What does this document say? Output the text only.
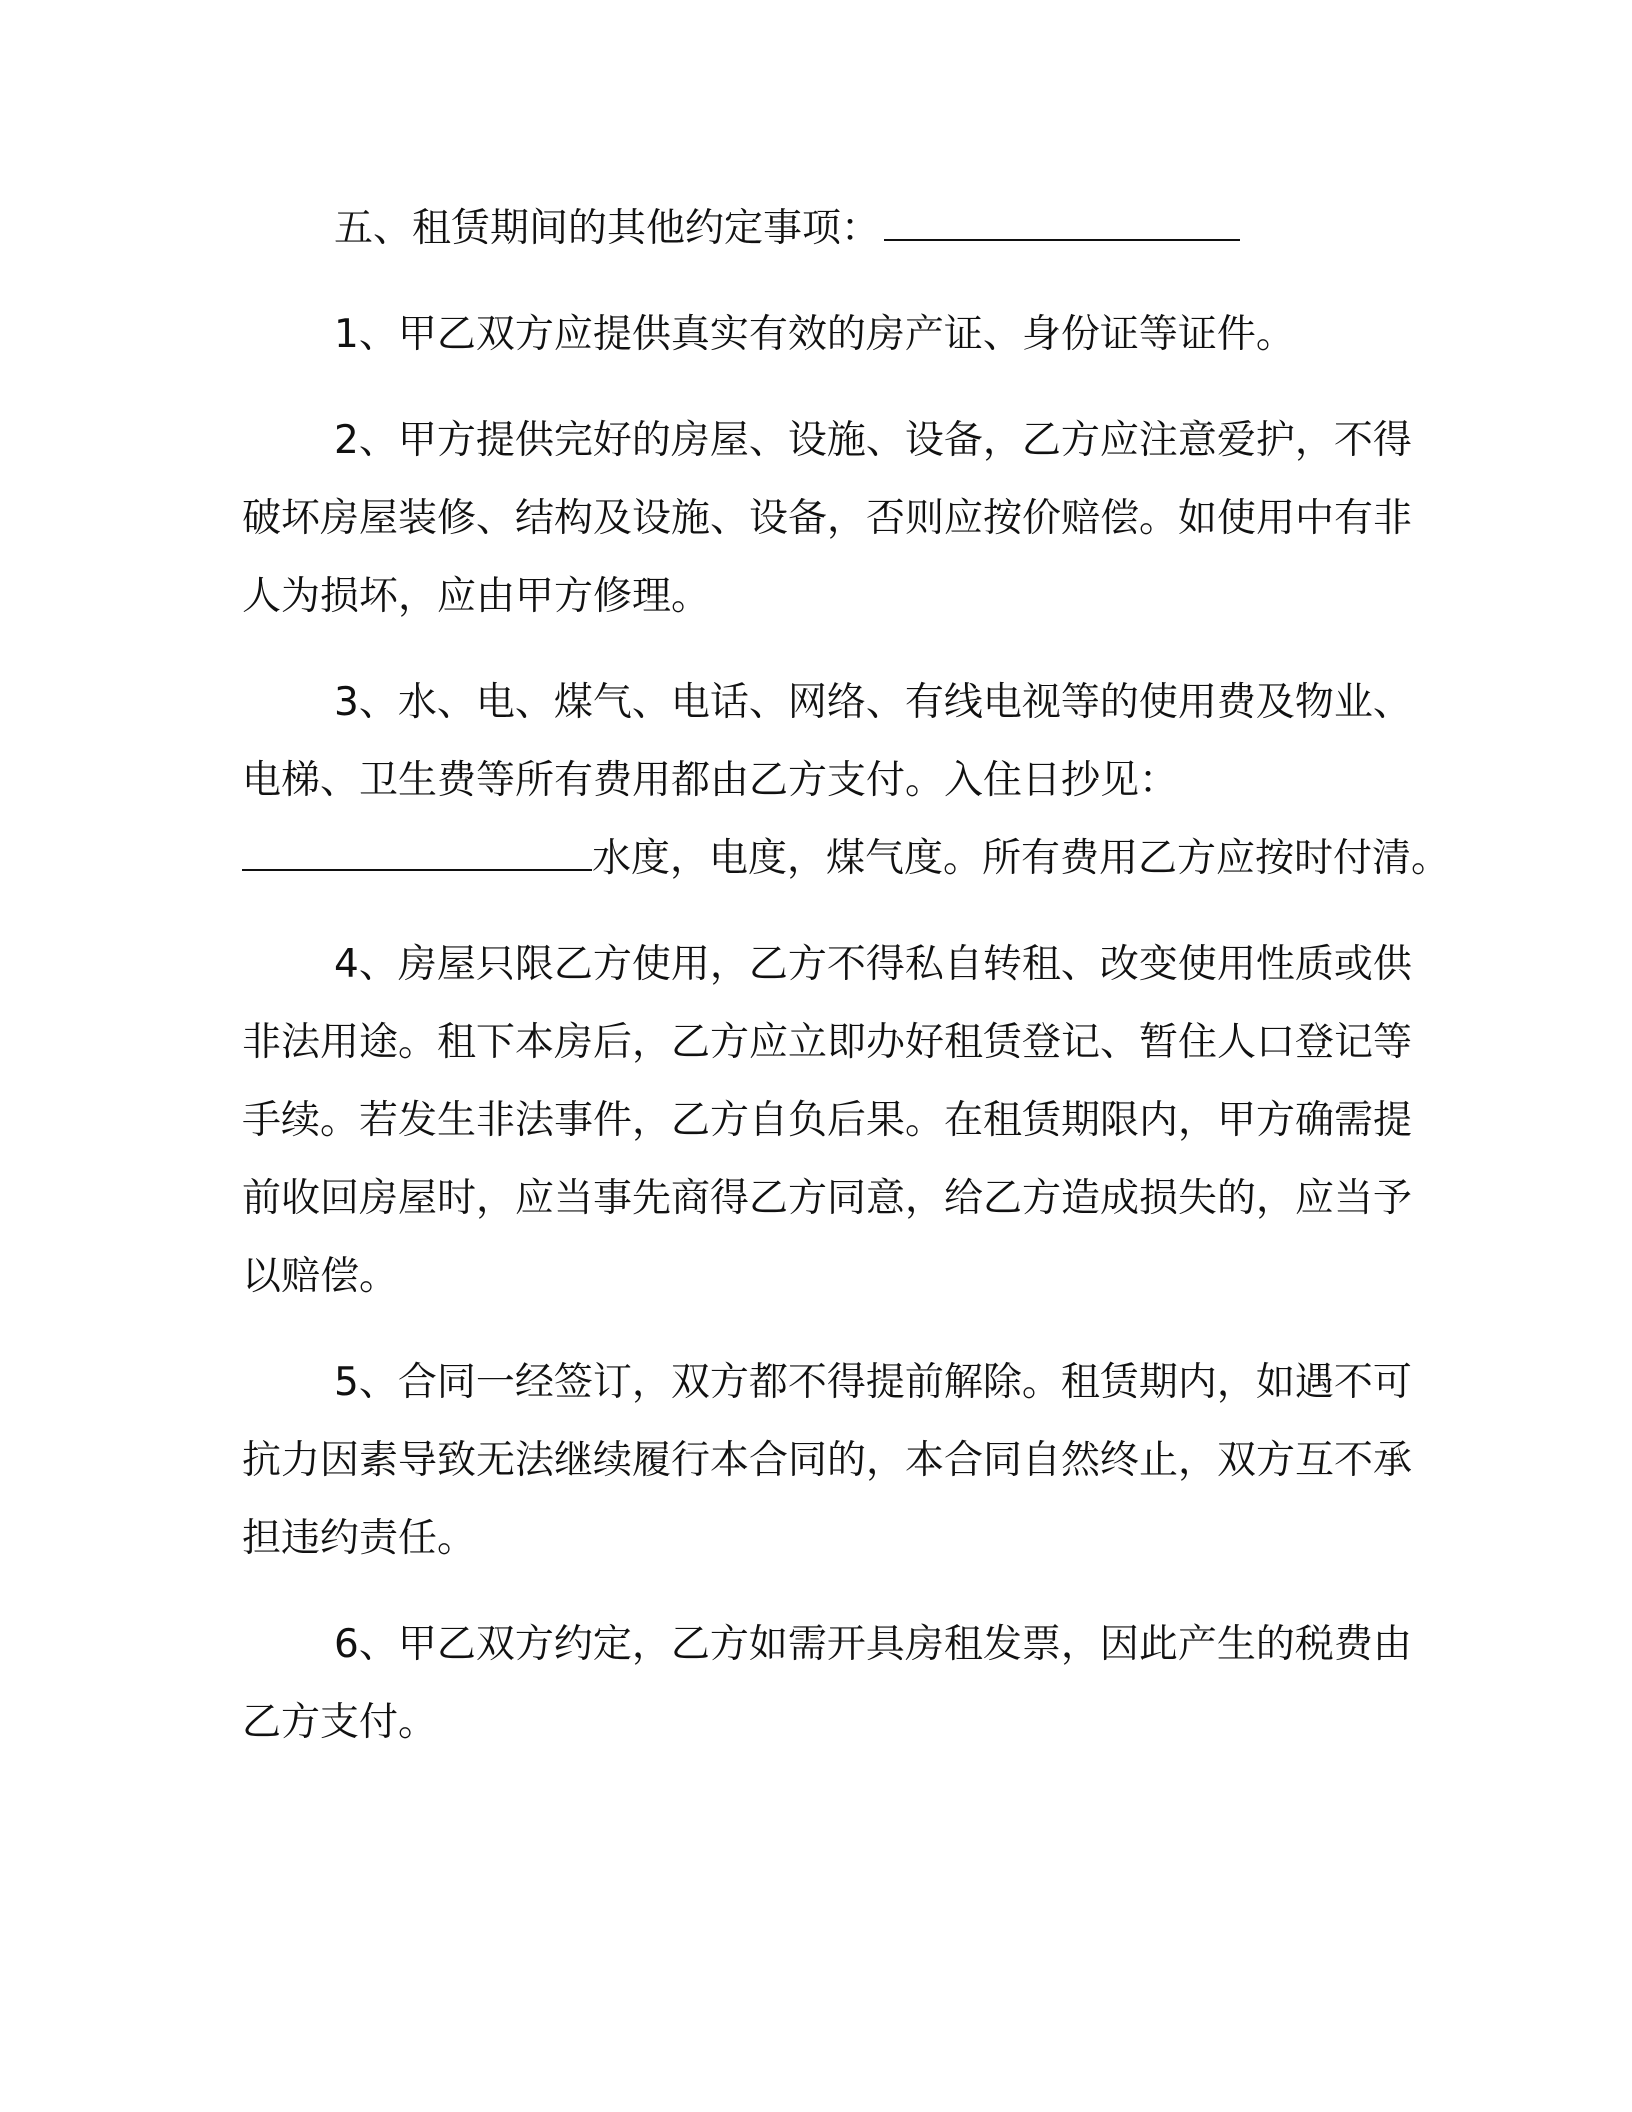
五、租赁期间的其他约定事项：
1、甲乙双方应提供真实有效的房产证、身份证等证件。
2、甲方提供完好的房屋、设施、设备，乙方应注意爱护，不得
破坏房屋装修、结构及设施、设备，否则应按价赔偿。如使用中有非
人为损坏，应由甲方修理。
3、水、电、煤气、电话、网络、有线电视等的使用费及物业、
电梯、卫生费等所有费用都由乙方支付。入住日抄见：
水度，电度，煤气度。所有费用乙方应按时付清。
4、房屋只限乙方使用，乙方不得私自转租、改变使用性质或供
非法用途。租下本房后，乙方应立即办好租赁登记、暂住人口登记等
手续。若发生非法事件，乙方自负后果。在租赁期限内，甲方确需提
前收回房屋时，应当事先商得乙方同意，给乙方造成损失的，应当予
以赔偿。
5、合同一经签订，双方都不得提前解除。租赁期内，如遇不可
抗力因素导致无法继续履行本合同的，本合同自然终止，双方互不承
担违约责任。
6、甲乙双方约定，乙方如需开具房租发票，因此产生的税费由
乙方支付。
